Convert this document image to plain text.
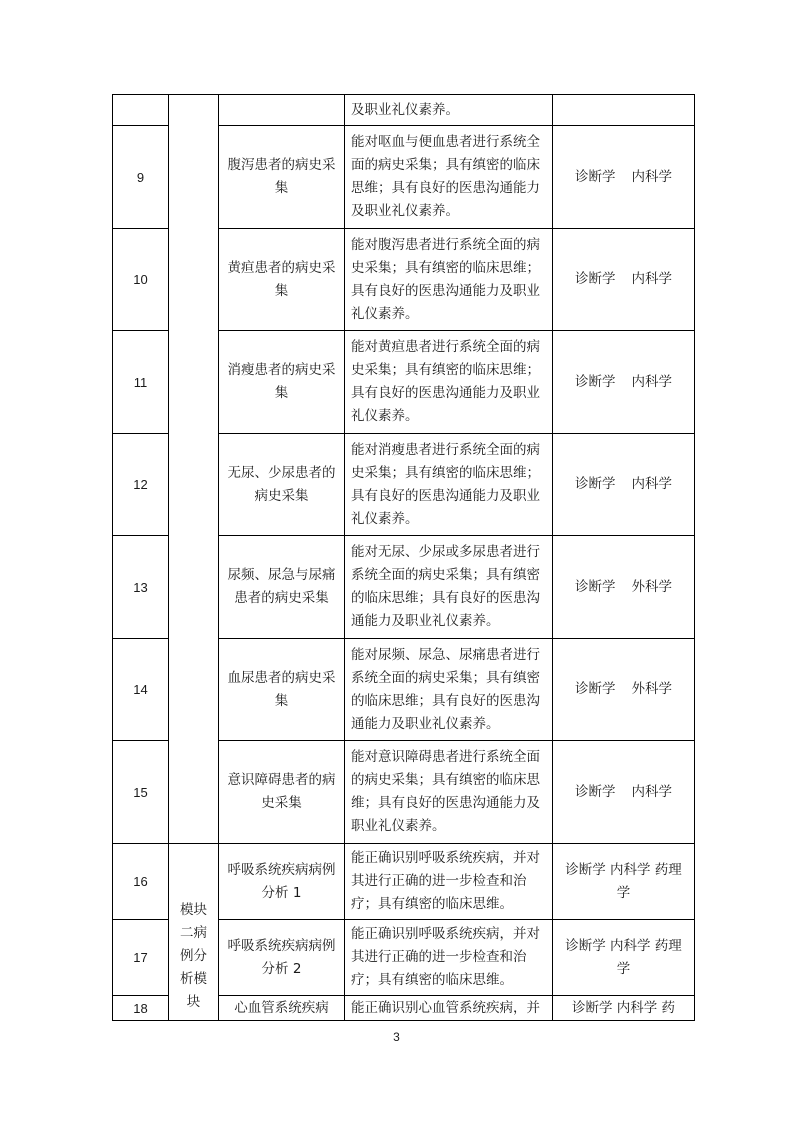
			及职业礼仪素养。	
9		腹泻患者的病史采集	能对呕血与便血患者进行系统全面的病史采集；具有缜密的临床思维；具有良好的医患沟通能力及职业礼仪素养。	诊断学 内科学
10		黄疸患者的病史采集	能对腹泻患者进行系统全面的病史采集；具有缜密的临床思维；具有良好的医患沟通能力及职业礼仪素养。	诊断学 内科学
11		消瘦患者的病史采集	能对黄疸患者进行系统全面的病史采集；具有缜密的临床思维；具有良好的医患沟通能力及职业礼仪素养。	诊断学 内科学
12		无尿、少尿患者的病史采集	能对消瘦患者进行系统全面的病史采集；具有缜密的临床思维；具有良好的医患沟通能力及职业礼仪素养。	诊断学 内科学
13		尿频、尿急与尿痛患者的病史采集	能对无尿、少尿或多尿患者进行系统全面的病史采集；具有缜密的临床思维；具有良好的医患沟通能力及职业礼仪素养。	诊断学 外科学
14		血尿患者的病史采集	能对尿频、尿急、尿痛患者进行系统全面的病史采集；具有缜密的临床思维；具有良好的医患沟通能力及职业礼仪素养。	诊断学 外科学
15		意识障碍患者的病史采集	能对意识障碍患者进行系统全面的病史采集；具有缜密的临床思维；具有良好的医患沟通能力及职业礼仪素养。	诊断学 内科学
16	模块二病例分析模块	呼吸系统疾病病例分析 1	能正确识别呼吸系统疾病，并对其进行正确的进一步检查和治疗；具有缜密的临床思维。	诊断学 内科学 药理学
17		呼吸系统疾病病例分析 2	能正确识别呼吸系统疾病，并对其进行正确的进一步检查和治疗；具有缜密的临床思维。	诊断学 内科学 药理学
18		心血管系统疾病	能正确识别心血管系统疾病，并	诊断学 内科学 药
3
